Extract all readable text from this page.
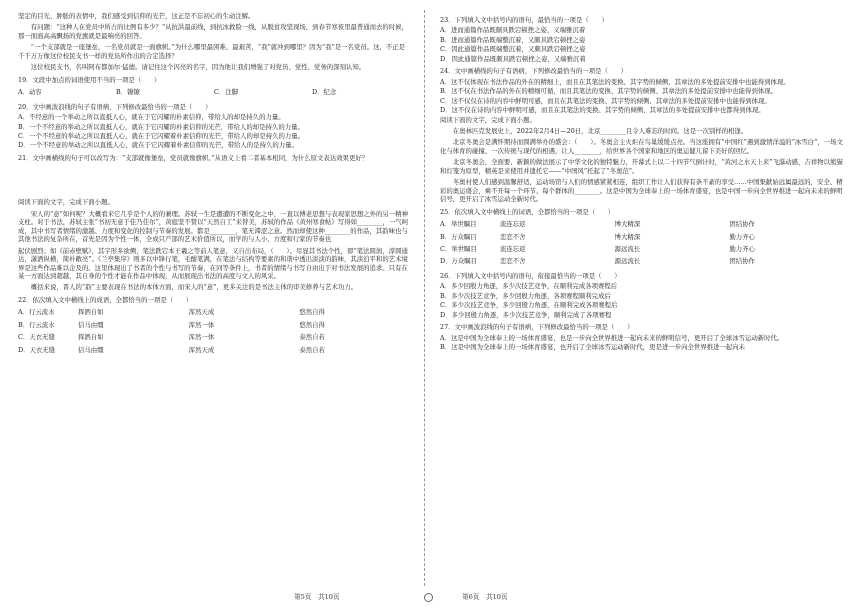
坚定的目光、肿胀的表情中，我们感受到信仰的光芒，这正是不忘初心的生动注解。

有问题：“这种人在党员中所占的比例有多少？”从抗洪最前线，到抗冰救险一线，从脱贫攻坚现场，到春节寒夜里最普通而去的时候，那一面面高高飘扬的党旗就是最响亮的回答。

“一个支部就是一座堡垒，一名党员就是一面旗帜。”为什么哪里最困难、最艰苦，“我”就冲到哪里？因为“我”是一名党员。这，不正是千千万万像这位校民支书一样的党员所作出的合定选择？

这位校民支书，名叫阿布都加尔·猛德。请记住这个闪亮的名字，因为他让我们增强了对党员、党性、党务的深刻认知。

19．文段中加点的词语使用不当的一项是（　　）

A．动容	B．镣镣	C．注脚	D．纪念

20．文中画波浪线的句子有语病，下列修改最恰当的一项是（　　）

A．不经意的一个举动之所以直抵人心，就在于它闪耀的朴素信仰，带给人的却是持久的力量。

B．一个不经意的举动之所以直抵人心，就在于它闪耀的朴素信仰的光芒，带给人的却是持久的力量。

C．一个不经意的举动之所以直抵人心，就在于它闪耀着朴素信仰的光芒，带给人的却是持久的力量。

D．一个不经意的举动之所以直抵人心，就在于它闪耀着朴素信仰的光芒，带给人的是持久的力量。

21．文中画横线的句子可以改写为：“支部就像堡垒，党员就像旗帜。”从语义上看二者基本相同，为什么原文表达效果更好？

阅读下面的文字，完成下面小题。

宋人的“意”如何呢？大概看来它几乎是个人的的兼理。苏轼一生是遭遭的不断变化之中，一直以傅老思想与表现家思想之外的另一精神支柱。对于书法，苏轼主张“书初无意于佳乃佳尔”，黄庭坚不赞以“天然自工”来替美，苏轼的作品《黄州寒食帖》写得如________，一气呵成，其中书写者情绪的激越、力度和变化的控制与节奏的发展。都是________，笔无滞涩之意。然而却使这种________的作品，其韵味也与其他书法的复杂所在，首先是因为个性一体，全成只产部的艺术价值所以，而学的与人小、方度和行家的节奏也

起伏剧烈；如《前赤壁赋》，其字形多欲侧，笔法跌宕本王羲之等前人笔意，又自出布局，（　　）。尽显其书法个性，即“笔法圆润，淳圆通达，潇洒纵横，简朴敞亮”。《兰亭集序》则多以中锋行笔，毛酣笔满，在笔法与结构等要素的和谐中透出淡淡的韵味，其淡泊平和的艺术境界是这些作品难以企及的。这里体现出了书者的个性与书写的节奏，在同等条件上，书者的情绪与书写自由出于对书法发展的追求。只有在某一方面达到超越，其自身的个性才能在作品中体现，从而展现出书法的高度与文人的风采。

概括来说，晋人的“韵”主要表现在书法的本体方面，而宋人的“意”，更多关注的是书法主体的审美修养与艺术功力。

22．依次填入文中横线上的成语，全都恰当的一项是（　　）

A．行云流水	挥洒自如	浑然天成	悠然自得
B．行云流水	信马由缰	浑然一体	悠然自得
C．天衣无缝	挥洒自如	浑然一体	泰然自若
D．天衣无缝	信马由缰	浑然天成	泰然自若

23．下列填入文中括号内的语句，最恰当的一项是（　　）

A．进而通篇作品既颇具跌宕顿挫之姿，又端雅沉着

B．进而通篇作品既端整沉着，又颇具跌宕顿挫之姿

C．因此通篇作品既端整沉着，又颇具跌宕顿挫之姿

D．因此通篇作品既颇具跌宕顿挫之姿，又端雅沉着

24．文中画横线的句子有语病，下列修改最恰当的一项是（　　）

A．这不仅体现在书法作品的外在的精细上，而且在其笔法的变换、其字势的倾侧、其章法的多处提前安排中也能得到体现。

B．这不仅在书法作品的外在的精细可循，而且其笔法的变换、其字势的倾侧、其章法的多处提前安排中也能得到体现。

C．这不仅仅在诗的内容中鲜明可感，而且在其笔法的变换、其字势的倾侧、其章法的多处提前安排中也能得到体现。

D．这不仅在诗的内容中鲜明可感，而且在其笔法的变换、其字势的倾侧、其章法的多处提前安排中也都得到体现。

阅读下面的文字，完成下面小题。

在奥林匹克发展史上，2022年2月4日—20日，北京________且令人难忘的时间。这是一次别样的相逢。

北京冬奥会是满怀期待而圆满举办的盛会：（　　）。冬奥会主火炬在鸟巢缓缓点亮。当这座拥有“中国红”遇到激情洋溢的“冰雪白”，一场文化与体育的碰撞、一次传统与现代的相遇，让人________，给世界各个国家和地区的奥运健儿留下美好的回忆。

北京冬奥会，全面要、新颖的做法展示了中华文化的独特魅力，开幕式上以二十四节气倒计时，“黄河之水天上来”飞瀑动感，吉祥物以熊猫和灯笼为原型，精英是来使用并遗托它——“中国风”托起了“冬奥范”。

冬奥村使人们感到温馨舒适，运动场馆与人们的情感紧紧相连，组织工作让人们获得有条不紊的享受……中国集献始远属最远的，安全、精彩的奥运盛会，乘不开每一个环节、每个群体的________。这是中国为全球奉上的一场体育盛宴，也是中国一步向全世界推进一起向未来的鲜明信号，更开启了冰雪运动全新时代。

25．依次填入文中横线上的词语，全都恰当的一项是（　　）

A．举世瞩目	流连忘返	博大精深	团结协作
B．万众瞩目	恋恋不舍	博大精深	勤力齐心
C．举世瞩目	流连忘返	源远流长	勤力齐心
D．万众瞩目	恋恋不舍	源远流长	团结协作

26．下列填入文中括号内的语句，衔接最恰当的一项是（　　）

A．多少回殷力角逐，多少次技艺竞争，在顺利完成各项赛程后

B．多少次技艺竞争，多少回殷力角逐，各项赛程顺利完成后

C．多少次技艺竞争，多少回殷力角逐，在顺利完成各项赛程后

D．多少回殷力角逐，多少次技艺竞争，顺利完成了各项赛程

27．文中画波浪线的句子有语病，下列修改最恰当的一项是（　　）

A．这是中国为全球奉上的一场体育盛宴，也是一步向全世界推进一起向未来的鲜明信号，更开启了全球冰雪运动新时代。

B．这是中国为全球奉上的一场体育盛宴，也开启了全球冰雪运动新时代，更是进一步向全世界推进一起向未

第5页　共10页	第6页　共10页
